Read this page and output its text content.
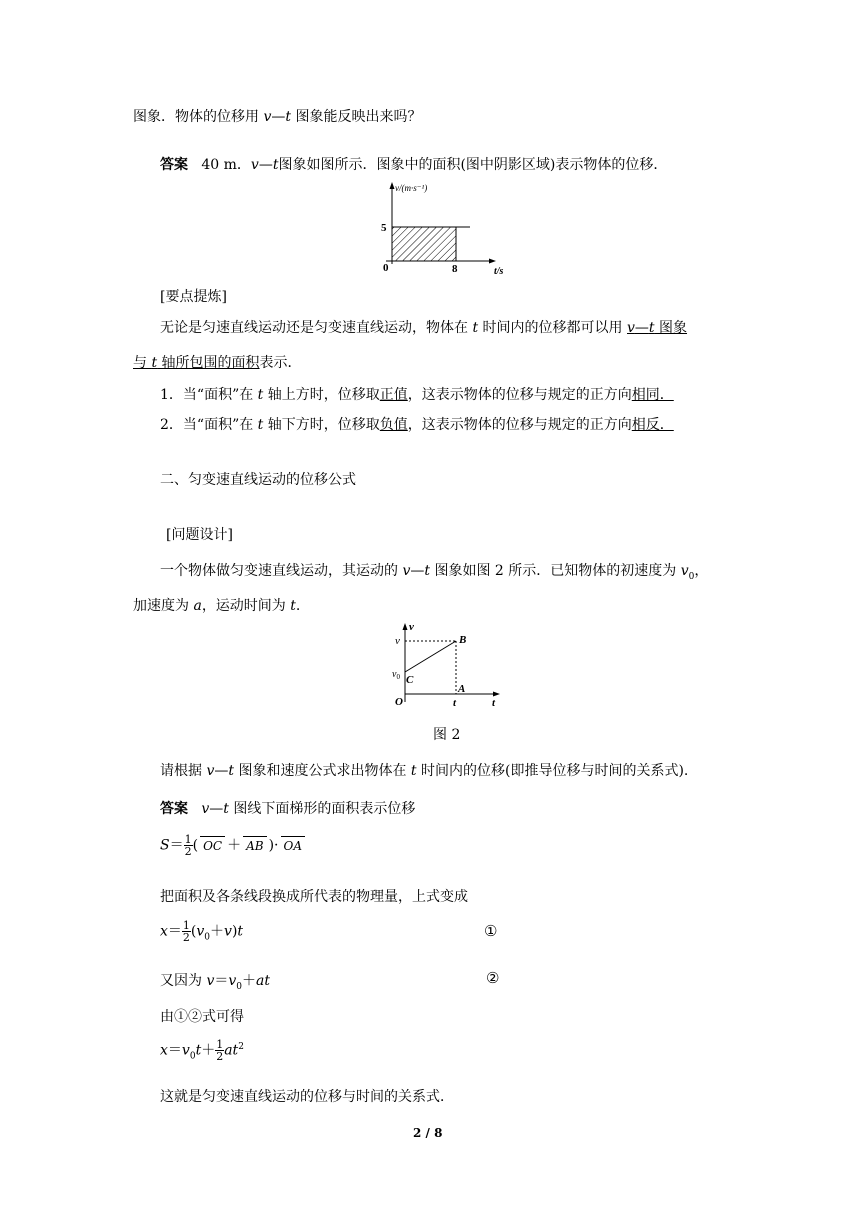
图象．物体的位移用 v—t 图象能反映出来吗？
答案 40 m．v—t图象如图所示．图象中的面积(图中阴影区域)表示物体的位移．
v/(m·s⁻¹)
5
0	8	t/s
[要点提炼]
无论是匀速直线运动还是匀变速直线运动，物体在 t 时间内的位移都可以用 v—t 图象
与 t 轴所包围的面积表示．
1．当“面积”在 t 轴上方时，位移取正值，这表示物体的位移与规定的正方向相同．
2．当“面积”在 t 轴下方时，位移取负值，这表示物体的位移与规定的正方向相反．
二、匀变速直线运动的位移公式
[问题设计]
一个物体做匀变速直线运动，其运动的 v—t 图象如图 2 所示．已知物体的初速度为 $v_0$，
加速度为 a，运动时间为 t.
v
v
$v_0$ C
B
A
O	t	t
图 2
请根据 v—t 图象和速度公式求出物体在 t 时间内的位移(即推导位移与时间的关系式).
答案 v—t 图线下面梯形的面积表示位移
$S= \frac{1}{2}$ ( OC ＋ AB )· OA
把面积及各条线段换成所代表的物理量，上式变成
$x= \frac{1}{2} (v_0+v)t$	①
又因为 $v=v_0+at$	②
由①②式可得
$x=v_0t+ \frac{1}{2} at^2$
这就是匀变速直线运动的位移与时间的关系式．
2 / 8
